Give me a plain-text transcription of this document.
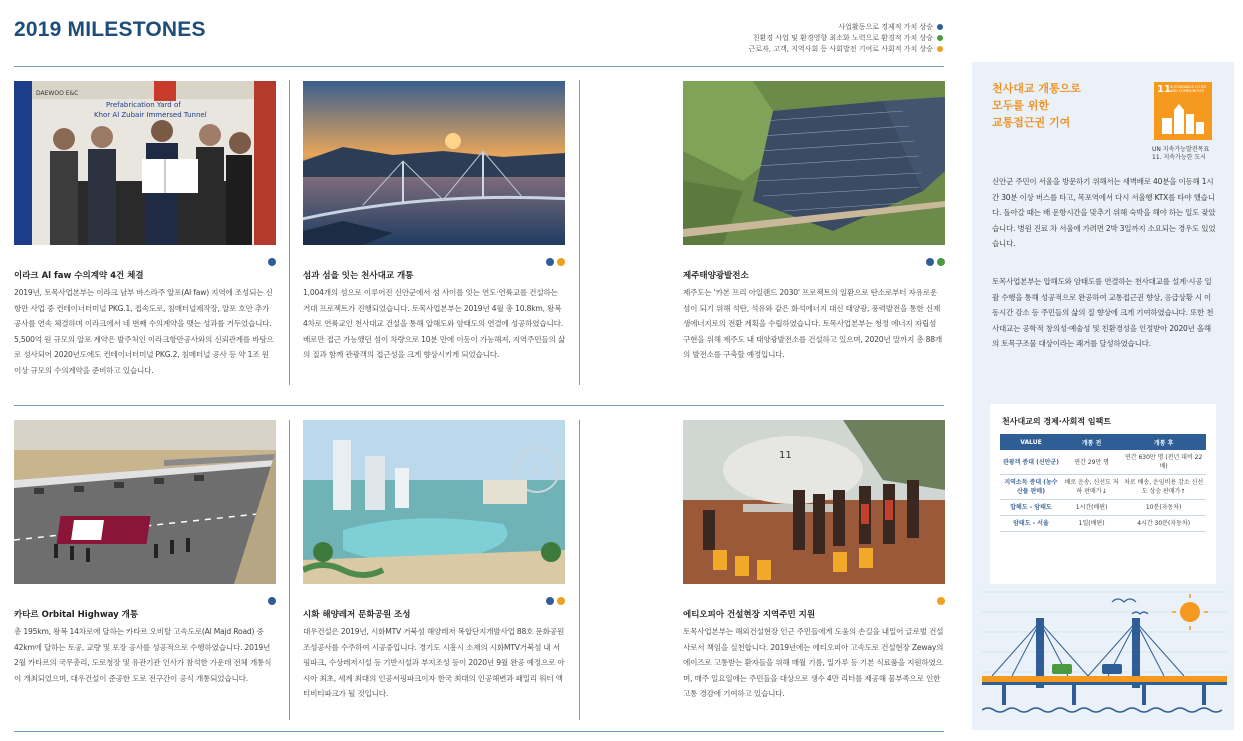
2019 MILESTONES	사업활동으로 경제적 가치 상승
친환경 사업 및 환경영향 최소화 노력으로 환경적 가치 상승
근로자, 고객, 지역사회 등 사회발전 기여로 사회적 가치 상승
Prefabrication Yard of
Khor Al Zubair Immersed Tunnel
DAEWOO E&C
이라크 Al faw 수의계약 4건 체결

2019년, 토목사업본부는 이라크 남부 바스라주 알포(Al faw) 지역에 조성되는 신 항만 사업 중 컨테이너터미널 PKG.1, 접속도로, 침매터널제작장, 알포 호안 추가공사를 연속 체결하며 이라크에서 네 번째 수의계약을 맺는 성과를 거두었습니다. 5,500억 원 규모의 알포 계약은 발주처인 이라크항만공사와의 신뢰관계를 바탕으로 성사되어 2020년도에도 컨테이너터미널 PKG.2, 침매터널 공사 등 약 1조 원 이상 규모의 수의계약을 준비하고 있습니다.

섬과 섬을 잇는 천사대교 개통

1,004개의 섬으로 이루어진 신안군에서 섬 사이를 잇는 연도·연륙교를 건설하는 거대 프로젝트가 진행되었습니다. 토목사업본부는 2019년 4월 총 10.8km, 왕복 4차로 연륙교인 천사대교 건설을 통해 압해도와 암태도의 연결에 성공하였습니다. 배로만 접근 가능했던 섬이 차량으로 10분 만에 이동이 가능해져, 지역주민들의 삶의 질과 함께 관광객의 접근성을 크게 향상시키게 되었습니다.

제주태양광발전소

제주도는 '카본 프리 아일랜드 2030' 프로젝트의 일환으로 탄소로부터 자유로운 섬이 되기 위해 석탄, 석유와 같은 화석에너지 대신 태양광, 풍력발전을 통한 신재생에너지로의 전환 계획을 수립하였습니다. 토목사업본부는 청정 에너지 자립섬 구현을 위해 제주도 내 태양광발전소를 건설하고 있으며, 2020년 말까지 총 88개의 발전소를 구축할 예정입니다.

카타르 Orbital Highway 개통

총 195km, 왕복 14차로에 달하는 카타르 오비탈 고속도로(Al Majd Road) 중 42km에 달하는 토공, 교량 및 포장 공사를 성공적으로 수행하였습니다. 2019년 2월 카타르의 국무총리, 도로청장 및 유관기관 인사가 참석한 가운데 전체 개통식이 개최되었으며, 대우건설이 준공한 도로 전구간이 공식 개통되었습니다.

시화 해양레저 문화공원 조성

대우건설은 2019년, 시화MTV 거북섬 해양레저 복합단지개발사업 88호 문화공원 조성공사를 수주하여 시공중입니다. 경기도 시흥시 소재의 시화MTV거북섬 내 서핑파크, 수상레저시설 등 기반시설과 부지조성 등이 2020년 9월 완공 예정으로 아시아 최초, 세계 최대의 인공서핑파크이자 한국 최대의 인공해변과 패밀리 워터 액티비티파크가 될 것입니다.

11
에티오피아 건설현장 지역주민 지원

토목사업본부는 해외건설현장 인근 주민들에게 도움의 손길을 내밀어 글로벌 건설사로서 책임을 실천합니다. 2019년에는 에티오피아 고속도로 건설현장 Zeway의 에이즈로 고통받는 환자들을 위해 매월 기름, 밀가루 등 기본 식료품을 지원하였으며, 매주 일요일에는 주민들을 대상으로 생수 4만 리터를 제공해 물부족으로 인한 고통 경감에 기여하고 있습니다.

천사대교 개통으로
모두를 위한
교통접근권 기여
11 SUSTAINABLE CITIES AND COMMUNITIES
UN 지속가능발전목표
11. 지속가능한 도시

신안군 주민이 서울을 방문하기 위해서는 새벽배로 40분을 이동해 1시간 30분 이상 버스를 타고, 목포역에서 다시 서울행 KTX를 타야 했습니다. 돌아갈 때는 배 운항시간을 맞추기 위해 숙박을 해야 하는 일도 잦았습니다. 병원 진료 차 서울에 가려면 2박 3일까지 소요되는 경우도 있었습니다.

토목사업본부는 압해도와 암태도를 연결하는 천사대교를 설계·시공 일괄 수행을 통해 성공적으로 완공하여 교통접근권 향상, 응급상황 시 이동시간 감소 등 주민들의 삶의 질 향상에 크게 기여하였습니다. 또한 천사대교는 공학적 창의성·예술성 및 친환경성을 인정받아 2020년 올해의 토목구조물 대상이라는 쾌거를 달성하였습니다.

천사대교의 경제·사회적 임팩트
VALUE	개통 전	개통 후
관광객 증대 (신안군)	연간 29만 명	연간 630만 명 (전년 대비 22배)
지역소득 증대 (농수산물 판매)	배로 운송, 신선도 저하 판매가↓	차로 배송, 운임비용 감소 신선도 상승 판매가↑
압해도 - 암태도	1시간(배편)	10분(자동차)
암태도 - 서울	1일(배편)	4시간 30분(자동차)
